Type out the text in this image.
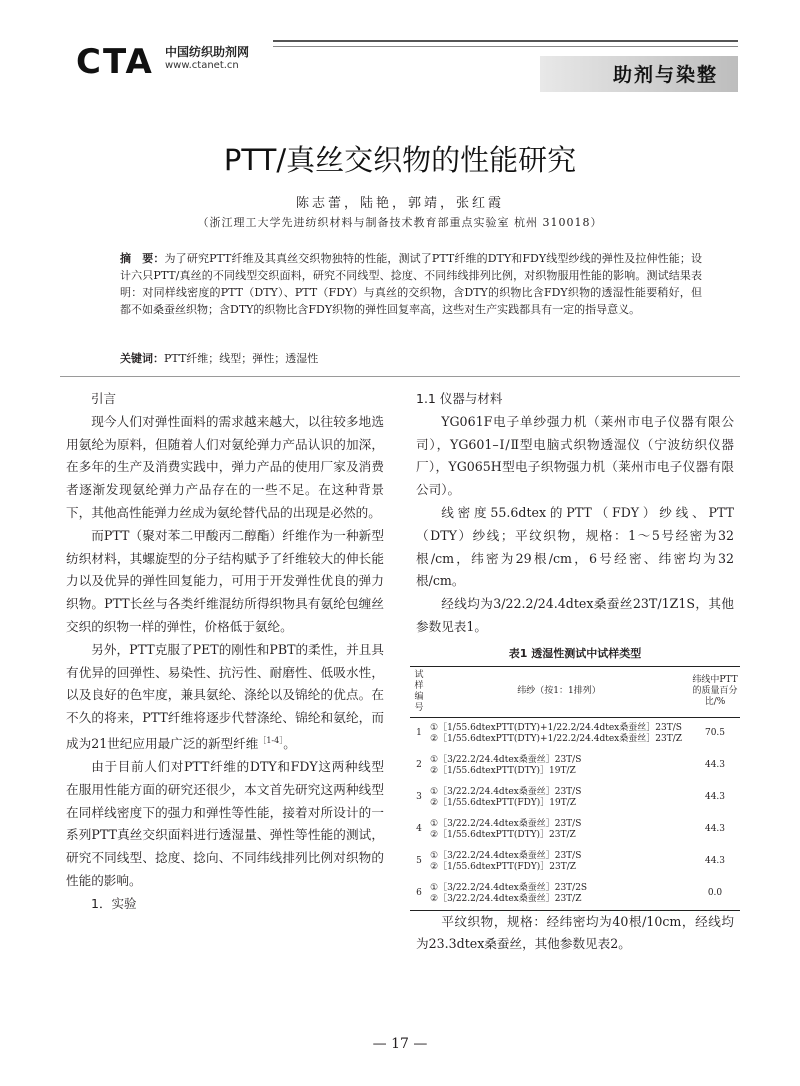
CTA 中国纺织助剂网
www.ctanet.cn	助剂与染整
PTT/真丝交织物的性能研究
陈志蕾，陆艳，郭靖，张红霞
（浙江理工大学先进纺织材料与制备技术教育部重点实验室 杭州 310018）
摘　要：为了研究PTT纤维及其真丝交织物独特的性能，测试了PTT纤维的DTY和FDY线型纱线的弹性及拉伸性能；设计六只PTT/真丝的不同线型交织面料，研究不同线型、捻度、不同纬线排列比例，对织物服用性能的影响。测试结果表明：对同样线密度的PTT（DTY）、PTT（FDY）与真丝的交织物，含DTY的织物比含FDY织物的透湿性能要稍好，但都不如桑蚕丝织物；含DTY的织物比含FDY织物的弹性回复率高，这些对生产实践都具有一定的指导意义。
关键词：PTT纤维；线型；弹性；透湿性

引言

现今人们对弹性面料的需求越来越大，以往较多地选用氨纶为原料，但随着人们对氨纶弹力产品认识的加深，在多年的生产及消费实践中，弹力产品的使用厂家及消费者逐渐发现氨纶弹力产品存在的一些不足。在这种背景下，其他高性能弹力丝成为氨纶替代品的出现是必然的。

而PTT（聚对苯二甲酸丙二醇酯）纤维作为一种新型纺织材料，其螺旋型的分子结构赋予了纤维较大的伸长能力以及优异的弹性回复能力，可用于开发弹性优良的弹力织物。PTT长丝与各类纤维混纺所得织物具有氨纶包缠丝交织的织物一样的弹性，价格低于氨纶。

另外，PTT克服了PET的刚性和PBT的柔性，并且具有优异的回弹性、易染性、抗污性、耐磨性、低吸水性，以及良好的色牢度，兼具氨纶、涤纶以及锦纶的优点。在不久的将来，PTT纤维将逐步代替涤纶、锦纶和氨纶，而成为21世纪应用最广泛的新型纤维$^{[1-4]}$。

由于目前人们对PTT纤维的DTY和FDY这两种线型在服用性能方面的研究还很少，本文首先研究这两种线型在同样线密度下的强力和弹性等性能，接着对所设计的一系列PTT真丝交织面料进行透湿量、弹性等性能的测试，研究不同线型、捻度、捻向、不同纬线排列比例对织物的性能的影响。

1．实验

1.1 仪器与材料

YG061F电子单纱强力机（莱州市电子仪器有限公司），YG601–Ⅰ/Ⅱ型电脑式织物透湿仪（宁波纺织仪器厂），YG065H型电子织物强力机（莱州市电子仪器有限公司）。

线密度55.6dtex的PTT（FDY）纱线、PTT（DTY）纱线；平纹织物，规格：1～5号经密为32根/cm，纬密为29根/cm，6号经密、纬密均为32根/cm。

经线均为3/22.2/24.4dtex桑蚕丝23T/1Z1S，其他参数见表1。

表1 透湿性测试中试样类型
试样编号	纬纱（按1：1排列）	纬线中PTT的质量百分比/%
1	①［1/55.6dtexPTT(DTY)+1/22.2/24.4dtex桑蚕丝］23T/S
②［1/55.6dtexPTT(DTY)+1/22.2/24.4dtex桑蚕丝］23T/Z	70.5
2	①［3/22.2/24.4dtex桑蚕丝］23T/S
②［1/55.6dtexPTT(DTY)］19T/Z	44.3
3	①［3/22.2/24.4dtex桑蚕丝］23T/S
②［1/55.6dtexPTT(FDY)］19T/Z	44.3
4	①［3/22.2/24.4dtex桑蚕丝］23T/S
②［1/55.6dtexPTT(DTY)］23T/Z	44.3
5	①［3/22.2/24.4dtex桑蚕丝］23T/S
②［1/55.6dtexPTT(FDY)］23T/Z	44.3
6	①［3/22.2/24.4dtex桑蚕丝］23T/2S
②［3/22.2/24.4dtex桑蚕丝］23T/Z	0.0

平纹织物，规格：经纬密均为40根/10cm，经线均为23.3dtex桑蚕丝，其他参数见表2。

— 17 —
